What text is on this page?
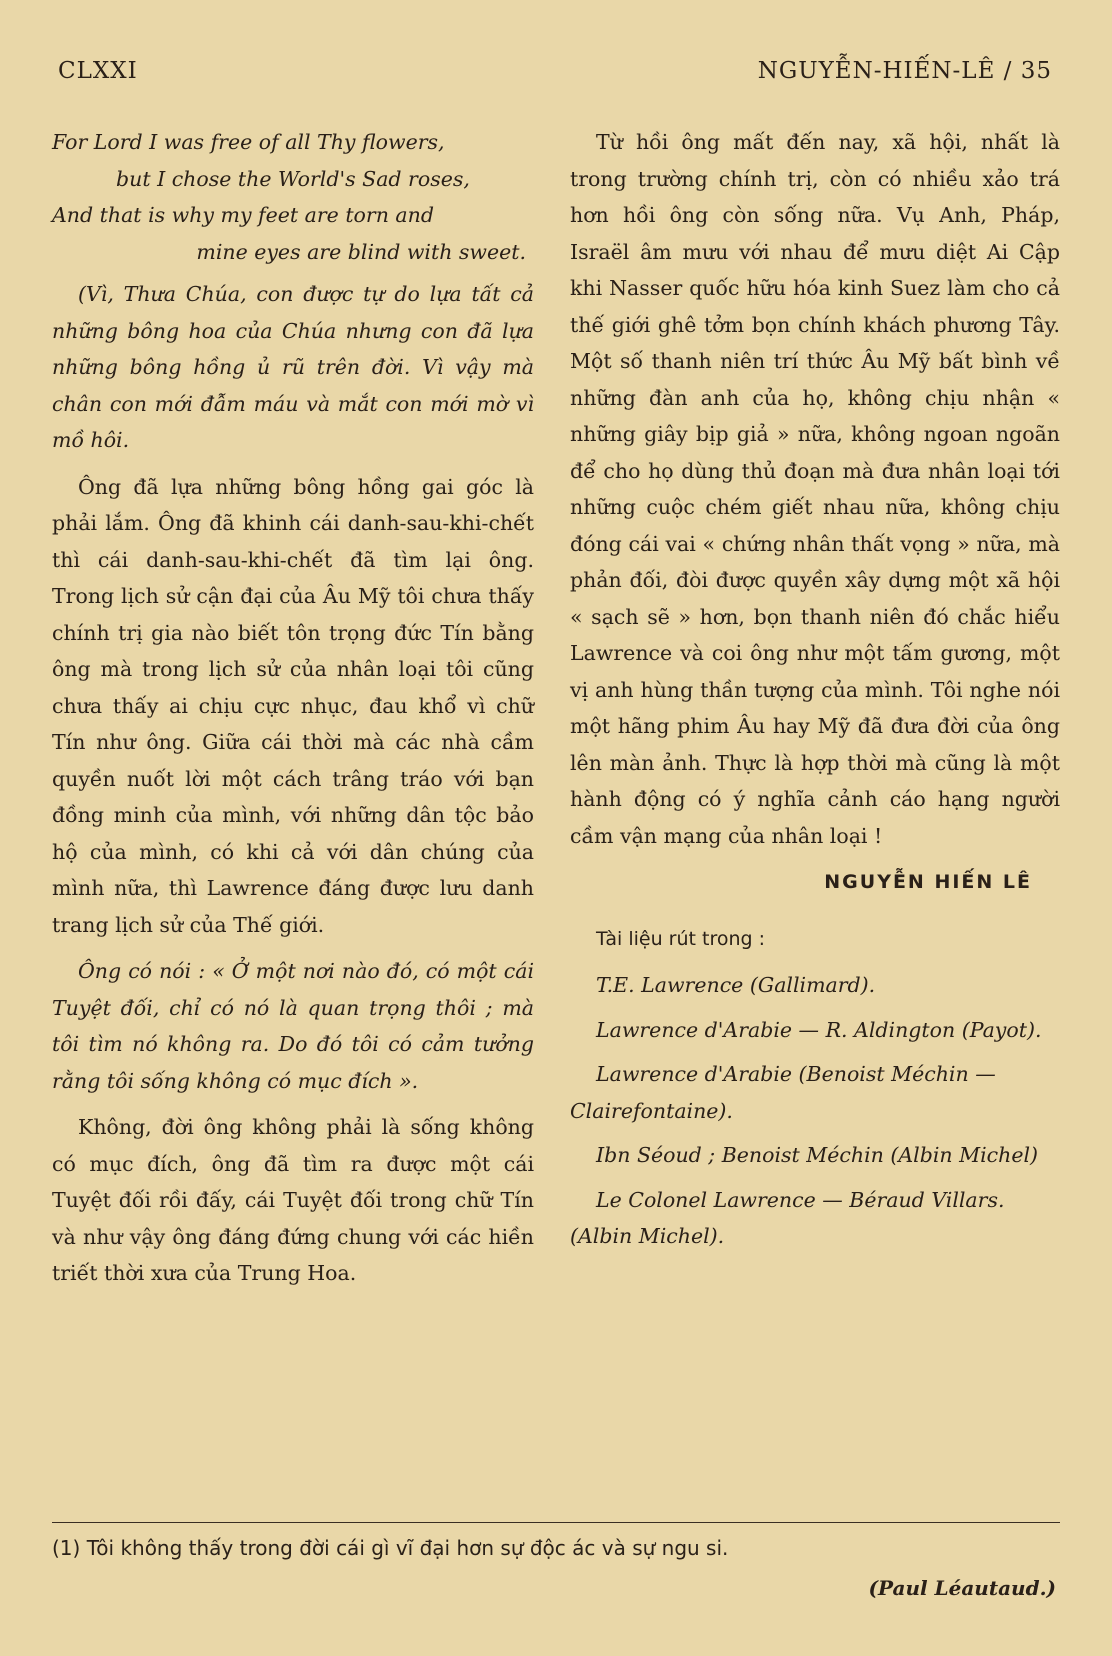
CLXXI	NGUYỄN-HIẾN-LÊ / 35
For Lord I was free of all Thy flowers,
but I chose the World's Sad roses,
And that is why my feet are torn and
mine eyes are blind with sweet.

(Vì, Thưa Chúa, con được tự do lựa tất cả những bông hoa của Chúa nhưng con đã lựa những bông hồng ủ rũ trên đời. Vì vậy mà chân con mới đẫm máu và mắt con mới mờ vì mồ hôi.

Ông đã lựa những bông hồng gai góc là phải lắm. Ông đã khinh cái danh-sau-khi-chết thì cái danh-sau-khi-chết đã tìm lại ông. Trong lịch sử cận đại của Âu Mỹ tôi chưa thấy chính trị gia nào biết tôn trọng đức Tín bằng ông mà trong lịch sử của nhân loại tôi cũng chưa thấy ai chịu cực nhục, đau khổ vì chữ Tín như ông. Giữa cái thời mà các nhà cầm quyền nuốt lời một cách trâng tráo với bạn đồng minh của mình, với những dân tộc bảo hộ của mình, có khi cả với dân chúng của mình nữa, thì Lawrence đáng được lưu danh trang lịch sử của Thế giới.

Ông có nói : « Ở một nơi nào đó, có một cái Tuyệt đối, chỉ có nó là quan trọng thôi ; mà tôi tìm nó không ra. Do đó tôi có cảm tưởng rằng tôi sống không có mục đích ».

Không, đời ông không phải là sống không có mục đích, ông đã tìm ra được một cái Tuyệt đối rồi đấy, cái Tuyệt đối trong chữ Tín và như vậy ông đáng đứng chung với các hiền triết thời xưa của Trung Hoa.

Từ hồi ông mất đến nay, xã hội, nhất là trong trường chính trị, còn có nhiều xảo trá hơn hồi ông còn sống nữa. Vụ Anh, Pháp, Israël âm mưu với nhau để mưu diệt Ai Cập khi Nasser quốc hữu hóa kinh Suez làm cho cả thế giới ghê tởm bọn chính khách phương Tây. Một số thanh niên trí thức Âu Mỹ bất bình về những đàn anh của họ, không chịu nhận « những giây bịp giả » nữa, không ngoan ngoãn để cho họ dùng thủ đoạn mà đưa nhân loại tới những cuộc chém giết nhau nữa, không chịu đóng cái vai « chứng nhân thất vọng » nữa, mà phản đối, đòi được quyền xây dựng một xã hội « sạch sẽ » hơn, bọn thanh niên đó chắc hiểu Lawrence và coi ông như một tấm gương, một vị anh hùng thần tượng của mình. Tôi nghe nói một hãng phim Âu hay Mỹ đã đưa đời của ông lên màn ảnh. Thực là hợp thời mà cũng là một hành động có ý nghĩa cảnh cáo hạng người cầm vận mạng của nhân loại !

NGUYỄN HIẾN LÊ
Tài liệu rút trong :
T.E. Lawrence (Gallimard).
Lawrence d'Arabie — R. Aldington (Payot).
Lawrence d'Arabie (Benoist Méchin — Clairefontaine).
Ibn Séoud ; Benoist Méchin (Albin Michel)
Le Colonel Lawrence — Béraud Villars. (Albin Michel).
(1) Tôi không thấy trong đời cái gì vĩ đại hơn sự độc ác và sự ngu si.
(Paul Léautaud.)
